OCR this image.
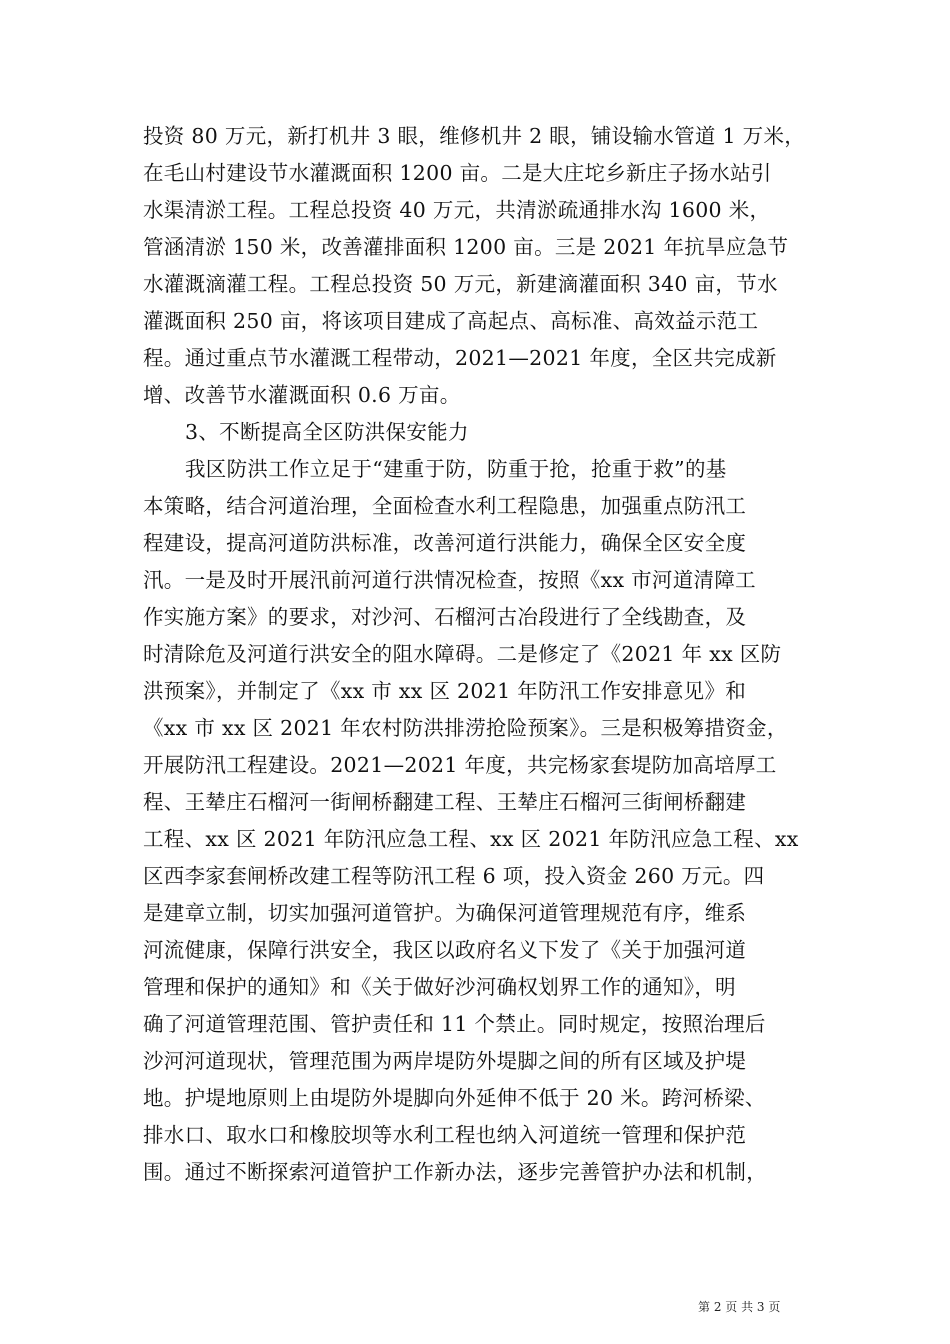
投资 80 万元，新打机井 3 眼，维修机井 2 眼，铺设输水管道 1 万米，
在毛山村建设节水灌溉面积 1200 亩。二是大庄坨乡新庄子扬水站引
水渠清淤工程。工程总投资 40 万元，共清淤疏通排水沟 1600 米，
管涵清淤 150 米，改善灌排面积 1200 亩。三是 2021 年抗旱应急节
水灌溉滴灌工程。工程总投资 50 万元，新建滴灌面积 340 亩，节水
灌溉面积 250 亩，将该项目建成了高起点、高标准、高效益示范工
程。通过重点节水灌溉工程带动，2021—2021 年度，全区共完成新
增、改善节水灌溉面积 0.6 万亩。
3、不断提高全区防洪保安能力
我区防洪工作立足于“建重于防，防重于抢，抢重于救”的基
本策略，结合河道治理，全面检查水利工程隐患，加强重点防汛工
程建设，提高河道防洪标准，改善河道行洪能力，确保全区安全度
汛。一是及时开展汛前河道行洪情况检查，按照《xx 市河道清障工
作实施方案》的要求，对沙河、石榴河古冶段进行了全线勘查，及
时清除危及河道行洪安全的阻水障碍。二是修定了《2021 年 xx 区防
洪预案》，并制定了《xx 市 xx 区 2021 年防汛工作安排意见》和
《xx 市 xx 区 2021 年农村防洪排涝抢险预案》。三是积极筹措资金，
开展防汛工程建设。2021—2021 年度，共完杨家套堤防加高培厚工
程、王辇庄石榴河一街闸桥翻建工程、王辇庄石榴河三街闸桥翻建
工程、xx 区 2021 年防汛应急工程、xx 区 2021 年防汛应急工程、xx
区西李家套闸桥改建工程等防汛工程 6 项，投入资金 260 万元。四
是建章立制，切实加强河道管护。为确保河道管理规范有序，维系
河流健康，保障行洪安全，我区以政府名义下发了《关于加强河道
管理和保护的通知》和《关于做好沙河确权划界工作的通知》，明
确了河道管理范围、管护责任和 11 个禁止。同时规定，按照治理后
沙河河道现状，管理范围为两岸堤防外堤脚之间的所有区域及护堤
地。护堤地原则上由堤防外堤脚向外延伸不低于 20 米。跨河桥梁、
排水口、取水口和橡胶坝等水利工程也纳入河道统一管理和保护范
围。通过不断探索河道管护工作新办法，逐步完善管护办法和机制，
第 2 页 共 3 页
